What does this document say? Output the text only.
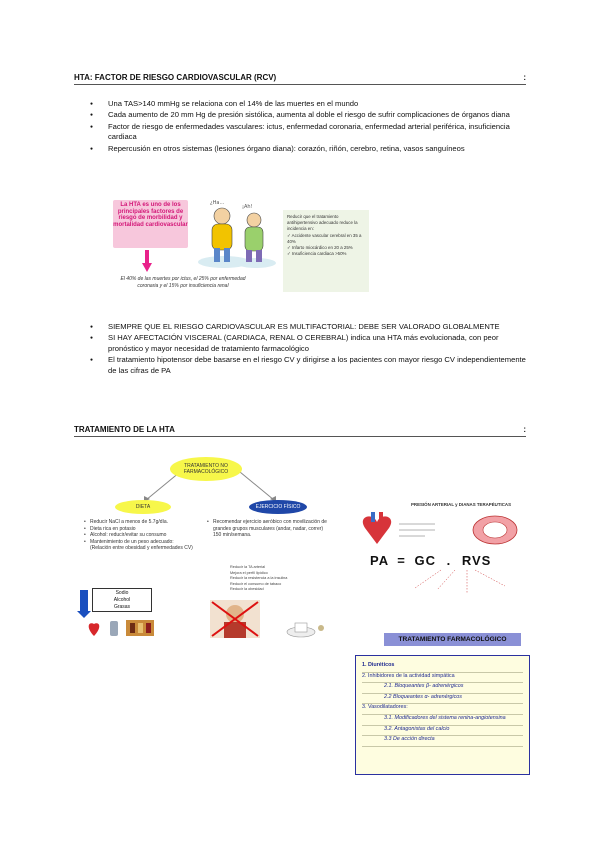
HTA: FACTOR DE RIESGO CARDIOVASCULAR (RCV)	:
● Una TAS>140 mmHg se relaciona con el 14% de las muertes en el mundo
● Cada aumento de 20 mm Hg de presión sistólica, aumenta al doble el riesgo de sufrir complicaciones de órganos diana
● Factor de riesgo de enfermedades vasculares: ictus, enfermedad coronaria, enfermedad arterial periférica, insuficiencia cardiaca
● Repercusión en otros sistemas (lesiones órgano diana): corazón, riñón, cerebro, retina, vasos sanguíneos
La HTA es uno de los principales factores de riesgo de morbilidad y mortalidad cardiovascular
El 40% de las muertes por ictus, el 25% por enfermedad coronaria y el 15% por insuficiencia renal
¿Ha...
¡Ah!
Reducir que el tratamiento antihipertensivo adecuado reduce la incidencia en:
✓ Accidente vascular cerebral en 35 a 40%
✓ Infarto miocárdico en 20 a 25%
✓ Insuficiencia cardiaca >50%
● SIEMPRE QUE EL RIESGO CARDIOVASCULAR ES MULTIFACTORIAL: DEBE SER VALORADO GLOBALMENTE
● SI HAY AFECTACIÓN VISCERAL (CARDIACA, RENAL O CEREBRAL) indica una HTA más evolucionada, con peor pronóstico y mayor necesidad de tratamiento farmacológico
● El tratamiento hipotensor debe basarse en el riesgo CV y dirigirse a los pacientes con mayor riesgo CV independientemente de las cifras de PA
TRATAMIENTO DE LA HTA	:
TRATAMIENTO NO FARMACOLÓGICO
DIETA	EJERCICIO FÍSICO
• Reducir NaCl a menos de 5.7g/día.
• Dieta rica en potasio
• Alcohol: reducir/evitar su consumo
• Mantenimiento de un peso adecuado: (Relación entre obesidad y enfermedades CV)
• Recomendar ejercicio aeróbico con movilización de grandes grupos musculares (andar, nadar, correr) 150 min/semana.
Reducir la TA arterial
Mejora el perfil lipídico
Reducir la resistencia a la insulina
Reducir el consumo de tabaco
Reducir la obesidad
Sodio
Alcohol
Grasas
PRESIÓN ARTERIAL y DIANAS TERAPÉUTICAS
PA = GC . RVS
TRATAMIENTO FARMACOLÓGICO
1. Diuréticos
2. Inhibidores de la actividad simpática
2.1. Bloqueantes β- adrenérgicos
2.2 Bloqueantes α- adrenérgicos
3. Vasodilatadores:
3.1. Modificadores del sistema renina-angiotensina
3.2. Antagonistas del calcio
3.3 De acción directa
